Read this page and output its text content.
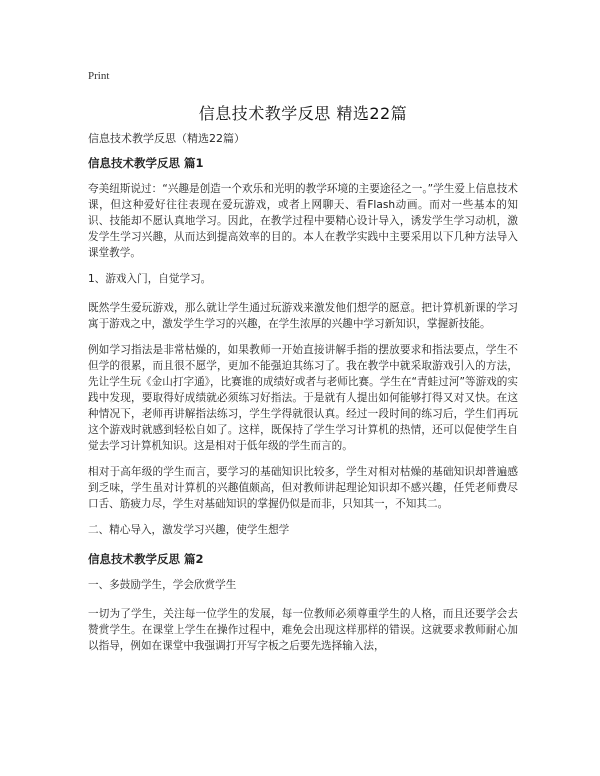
Print
信息技术教学反思 精选22篇

信息技术教学反思（精选22篇）

信息技术教学反思 篇1

夸美纽斯说过：“兴趣是创造一个欢乐和光明的教学环境的主要途径之一。”学生爱上信息技术课，但这种爱好往往表现在爱玩游戏，或者上网聊天、看Flash动画。而对一些基本的知识、技能却不愿认真地学习。因此，在教学过程中要精心设计导入，诱发学生学习动机，激发学生学习兴趣，从而达到提高效率的目的。本人在教学实践中主要采用以下几种方法导入课堂教学。

1、游戏入门，自觉学习。

既然学生爱玩游戏，那么就让学生通过玩游戏来激发他们想学的愿意。把计算机新课的学习寓于游戏之中，激发学生学习的兴趣，在学生浓厚的兴趣中学习新知识，掌握新技能。

例如学习指法是非常枯燥的，如果教师一开始直接讲解手指的摆放要求和指法要点，学生不但学的很累，而且很不愿学，更加不能强迫其练习了。我在教学中就采取游戏引入的方法，先让学生玩《金山打字通》，比赛谁的成绩好或者与老师比赛。学生在“青蛙过河”等游戏的实践中发现，要取得好成绩就必须练习好指法。于是就有人提出如何能够打得又对又快。在这种情况下，老师再讲解指法练习，学生学得就很认真。经过一段时间的练习后，学生们再玩这个游戏时就感到轻松自如了。这样，既保持了学生学习计算机的热情，还可以促使学生自觉去学习计算机知识。这是相对于低年级的学生而言的。

相对于高年级的学生而言，要学习的基础知识比较多，学生对相对枯燥的基础知识却普遍感到乏味，学生虽对计算机的兴趣值颇高，但对教师讲起理论知识却不感兴趣，任凭老师费尽口舌、筋疲力尽，学生对基础知识的掌握仍似是而非，只知其一，不知其二。

二、精心导入，激发学习兴趣，使学生想学

信息技术教学反思 篇2

一、多鼓励学生，学会欣赏学生

一切为了学生，关注每一位学生的发展，每一位教师必须尊重学生的人格，而且还要学会去赞赏学生。在课堂上学生在操作过程中，难免会出现这样那样的错误。这就要求教师耐心加以指导，例如在课堂中我强调打开写字板之后要先选择输入法，
